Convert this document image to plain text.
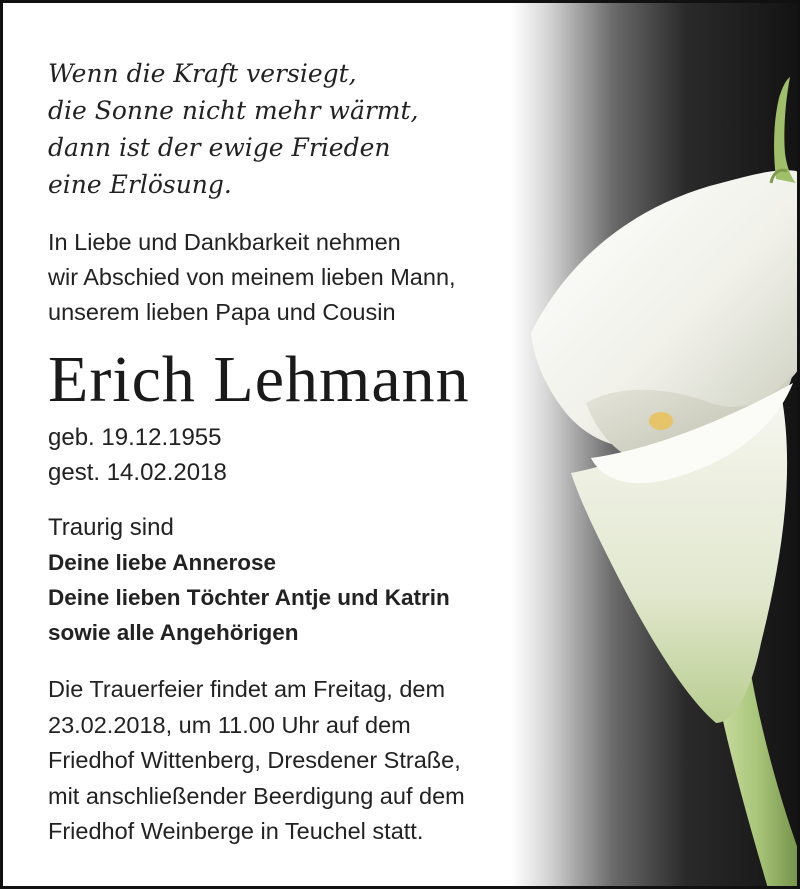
Wenn die Kraft versiegt,
die Sonne nicht mehr wärmt,
dann ist der ewige Frieden
eine Erlösung.
In Liebe und Dankbarkeit nehmen
wir Abschied von meinem lieben Mann,
unserem lieben Papa und Cousin
Erich Lehmann
geb. 19.12.1955
gest. 14.02.2018
Traurig sind
Deine liebe Annerose
Deine lieben Töchter Antje und Katrin
sowie alle Angehörigen
Die Trauerfeier findet am Freitag, dem
23.02.2018, um 11.00 Uhr auf dem
Friedhof Wittenberg, Dresdener Straße,
mit anschließender Beerdigung auf dem
Friedhof Weinberge in Teuchel statt.
